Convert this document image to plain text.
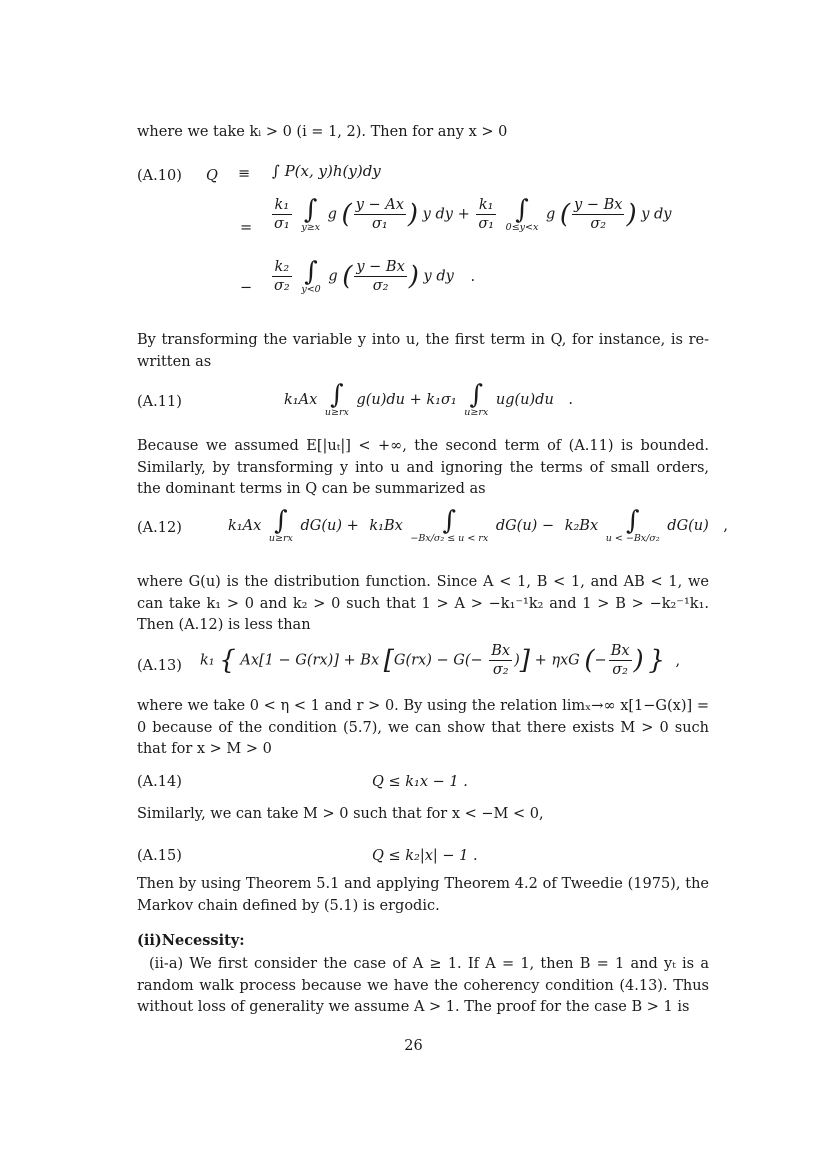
where we take kᵢ > 0 (i = 1, 2). Then for any x > 0
(A.10) Q ≡ ∫ P(x, y)h(y)dy
= $\frac{\text{k₁}}{\text{σ₁}}$
∫
y≥x
g ( $\frac{y - Ax}{\text{σ₁}}$ ) y dy + $\frac{\text{k₁}}{\text{σ₁}}$
∫
0≤y<x
g ( $\frac{y - Bx}{\text{σ₂}}$ ) y dy
− $\frac{\text{k₂}}{\text{σ₂}}$
∫
y<0
g ( $\frac{y - Bx}{\text{σ₂}}$ ) y dy .
By transforming the variable y into u, the first term in Q, for instance, is re-written as
(A.11)	k₁Ax ∫
u≥rx
g(u)du + k₁σ₁ ∫
u≥rx
ug(u)du .
Because we assumed E[|uₜ|] < +∞, the second term of (A.11) is bounded. Similarly, by transforming y into u and ignoring the terms of small orders, the dominant terms in Q can be summarized as
(A.12)	k₁Ax ∫
u≥rx
dG(u) + k₁Bx	∫
−Bx/σ₂ ≤ u < rx
dG(u) − k₂Bx	∫
u < −Bx/σ₂
dG(u) ,
where G(u) is the distribution function. Since A < 1, B < 1, and AB < 1, we can take k₁ > 0 and k₂ > 0 such that 1 > A > −k₁⁻¹k₂ and 1 > B > −k₂⁻¹k₁. Then (A.12) is less than
(A.13) k₁ { Ax[1 − G(rx)] + Bx [$G(rx) - G(- \frac{Bx}{\text{σ₂}}$ )] + ηxG (− $\frac{Bx}{\text{σ₂}}$ ) } ,
where we take 0 < η < 1 and r > 0. By using the relation limₓ→∞ x[1−G(x)] = 0 because of the condition (5.7), we can show that there exists M > 0 such that for x > M > 0
(A.14)	Q ≤ k₁x − 1 .
Similarly, we can take M > 0 such that for x < −M < 0,
(A.15)	Q ≤ k₂|x| − 1 .
Then by using Theorem 5.1 and applying Theorem 4.2 of Tweedie (1975), the Markov chain defined by (5.1) is ergodic.
(ii)Necessity:
(ii-a) We first consider the case of A ≥ 1. If A = 1, then B = 1 and yₜ is a random walk process because we have the coherency condition (4.13). Thus without loss of generality we assume A > 1. The proof for the case B > 1 is
26
